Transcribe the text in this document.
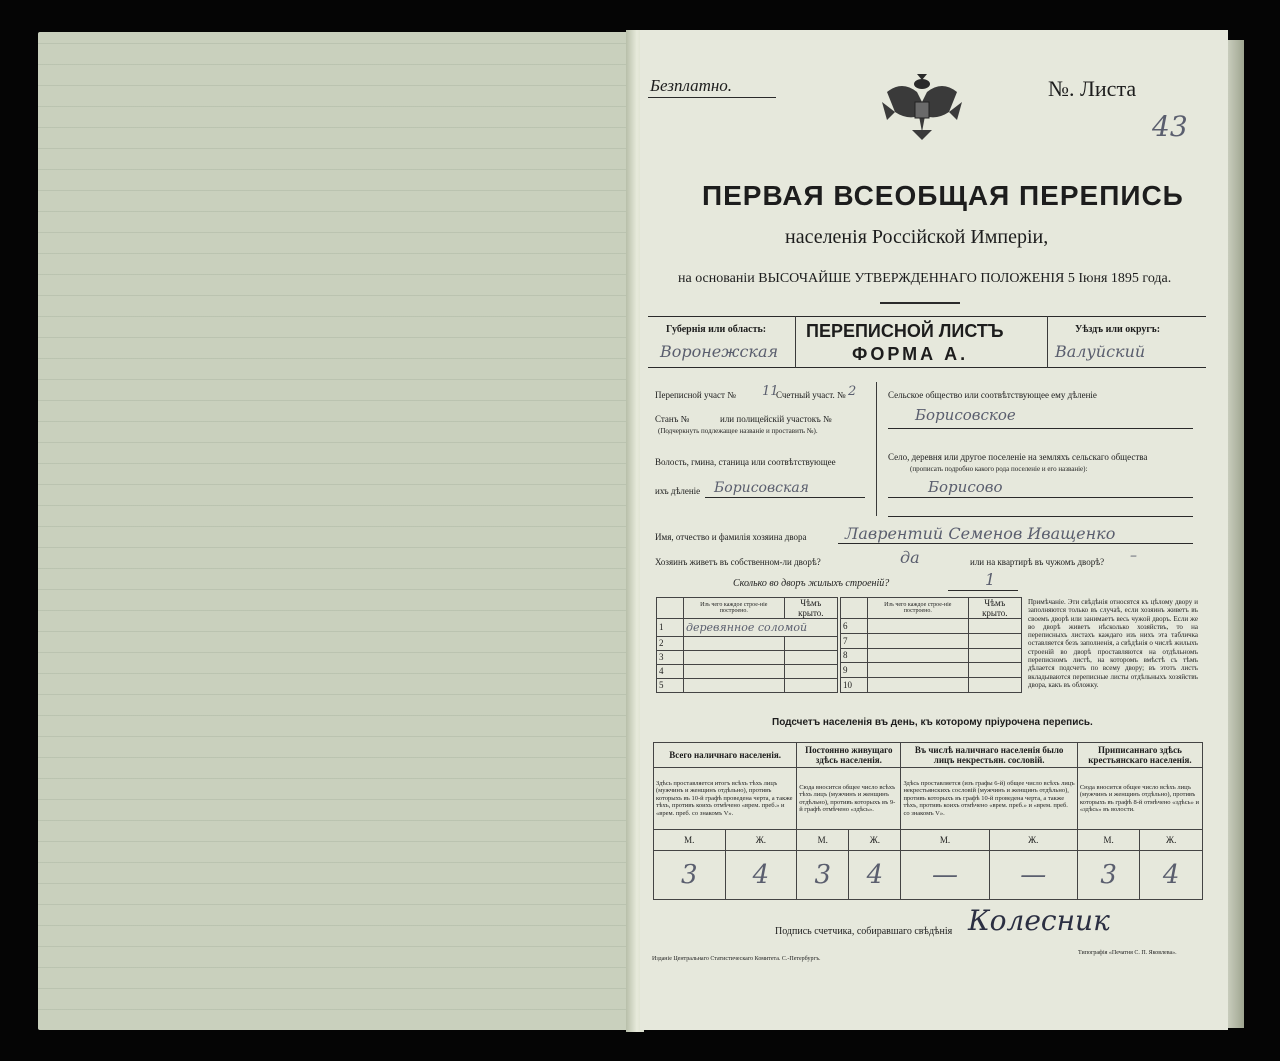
Безплатно.	№. Листа
43
ПЕРВАЯ ВСЕОБЩАЯ ПЕРЕПИСЬ
населенія Россійской Имперіи,
на основаніи ВЫСОЧАЙШЕ УТВЕРЖДЕННАГО ПОЛОЖЕНІЯ 5 Іюня 1895 года.
Губернія или область:
Воронежская
ПЕРЕПИСНОЙ ЛИСТЪ
ФОРМА А.
Уѣздъ или округъ:
Валуйский
Переписной участ № 11
Счетный участ. № 2
Станъ №	или полицейскій участокъ №
(Подчеркнуть подлежащее названіе и проставить №).
Волость, гмина, станица или соотвѣтствующее
ихъ дѣленіе Борисовская
Сельское общество или соотвѣтствующее ему дѣленіе
Борисовское
Село, деревня или другое поселеніе на земляхъ сельскаго общества
(прописать подробно какого рода поселеніе и его названіе):
Борисово
Имя, отчество и фамилія хозяина двора Лаврентий Семенов Иващенко
Хозяинъ живетъ въ собственном-ли дворѣ?	да	или на квартирѣ въ чужомъ дворѣ? –
Сколько во дворъ жилыхъ строеній?	1
	Изъ чего каждое строе-ніе построено.	Чѣмъ крыто.
1	деревянное соломой	
2		
3		
4		
5		
	Изъ чего каждое строе-ніе построено.	Чѣмъ крыто.
6		
7		
8		
9		
10		
Примѣчаніе. Эти свѣдѣнія относятся къ цѣлому двору и заполняются только въ случаѣ, если хозяинъ живетъ въ своемъ дворѣ или занимаетъ весь чужой дворъ. Если же во дворѣ живетъ нѣсколько хозяйствъ, то на переписныхъ листахъ каждаго изъ нихъ эта табличка оставляется безъ заполненія, а свѣдѣнія о числѣ жилыхъ строеній во дворѣ проставляются на отдѣльномъ переписномъ листѣ, на которомъ вмѣстѣ съ тѣмъ дѣлается подсчетъ по всему двору; въ этотъ листъ вкладываются переписные листы отдѣльныхъ хозяйствъ двора, какъ въ обложку.
Подсчетъ населенія въ день, къ которому пріурочена перепись.
Всего наличнаго населенія.		Постоянно живущаго здѣсь населенія.		Въ числѣ наличнаго населенія было лицъ некрестьян. сословій.		Приписаннаго здѣсь крестьянскаго населенія.	
Здѣсь проставляется итогъ всѣхъ тѣхъ лицъ (мужчинъ и женщинъ отдѣльно), противъ которыхъ въ 10-й графѣ проведена черта, а также тѣхъ, противъ коихъ отмѣчено «врем. преб.» и «врем. преб. со знакомъ V».		Сюда вносится общее число всѣхъ тѣхъ лицъ (мужчинъ и женщинъ отдѣльно), противъ которыхъ въ 9-й графѣ отмѣчено «здѣсь».		Здѣсь проставляется (изъ графы 6-й) общее число всѣхъ лицъ некрестьянскихъ сословій (мужчинъ и женщинъ отдѣльно), противъ которыхъ въ графѣ 10-й проведена черта, а также тѣхъ, противъ коихъ отмѣчено «врем. преб.» и «врем. преб. со знакомъ V».		Сюда вносится общее число всѣхъ лицъ (мужчинъ и женщинъ отдѣльно), противъ которыхъ въ графѣ 8-й отмѣчено «здѣсь» и «здѣсь» въ волости.	
М.	Ж.	М.	Ж.	М.	Ж.	М.	Ж.
3	4	3	4	—	—	3	4
Подпись счетчика, собиравшаго свѣдѣнія Колесник
Изданіе Центральнаго Статистическаго Комитета. С.-Петербургъ.
Типографія «Печатня С. П. Яковлева».
